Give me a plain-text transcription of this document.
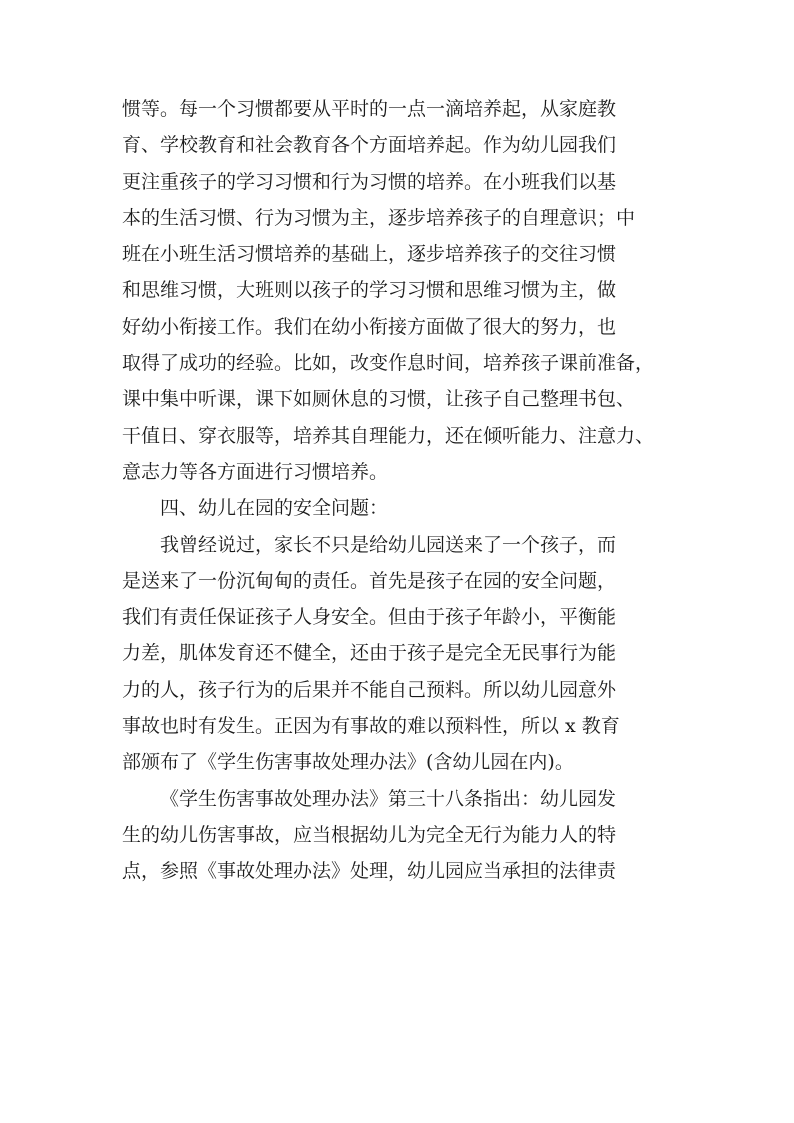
惯等。每一个习惯都要从平时的一点一滴培养起，从家庭教
育、学校教育和社会教育各个方面培养起。作为幼儿园我们
更注重孩子的学习习惯和行为习惯的培养。在小班我们以基
本的生活习惯、行为习惯为主，逐步培养孩子的自理意识；中
班在小班生活习惯培养的基础上，逐步培养孩子的交往习惯
和思维习惯，大班则以孩子的学习习惯和思维习惯为主，做
好幼小衔接工作。我们在幼小衔接方面做了很大的努力，也
取得了成功的经验。比如，改变作息时间，培养孩子课前准备，
课中集中听课，课下如厕休息的习惯，让孩子自己整理书包、
干值日、穿衣服等，培养其自理能力，还在倾听能力、注意力、
意志力等各方面进行习惯培养。

四、幼儿在园的安全问题：

我曾经说过，家长不只是给幼儿园送来了一个孩子，而
是送来了一份沉甸甸的责任。首先是孩子在园的安全问题，
我们有责任保证孩子人身安全。但由于孩子年龄小，平衡能
力差，肌体发育还不健全，还由于孩子是完全无民事行为能
力的人，孩子行为的后果并不能自己预料。所以幼儿园意外
事故也时有发生。正因为有事故的难以预料性，所以 x 教育
部颁布了《学生伤害事故处理办法》(含幼儿园在内)。

《学生伤害事故处理办法》第三十八条指出：幼儿园发
生的幼儿伤害事故，应当根据幼儿为完全无行为能力人的特
点，参照《事故处理办法》处理，幼儿园应当承担的法律责
